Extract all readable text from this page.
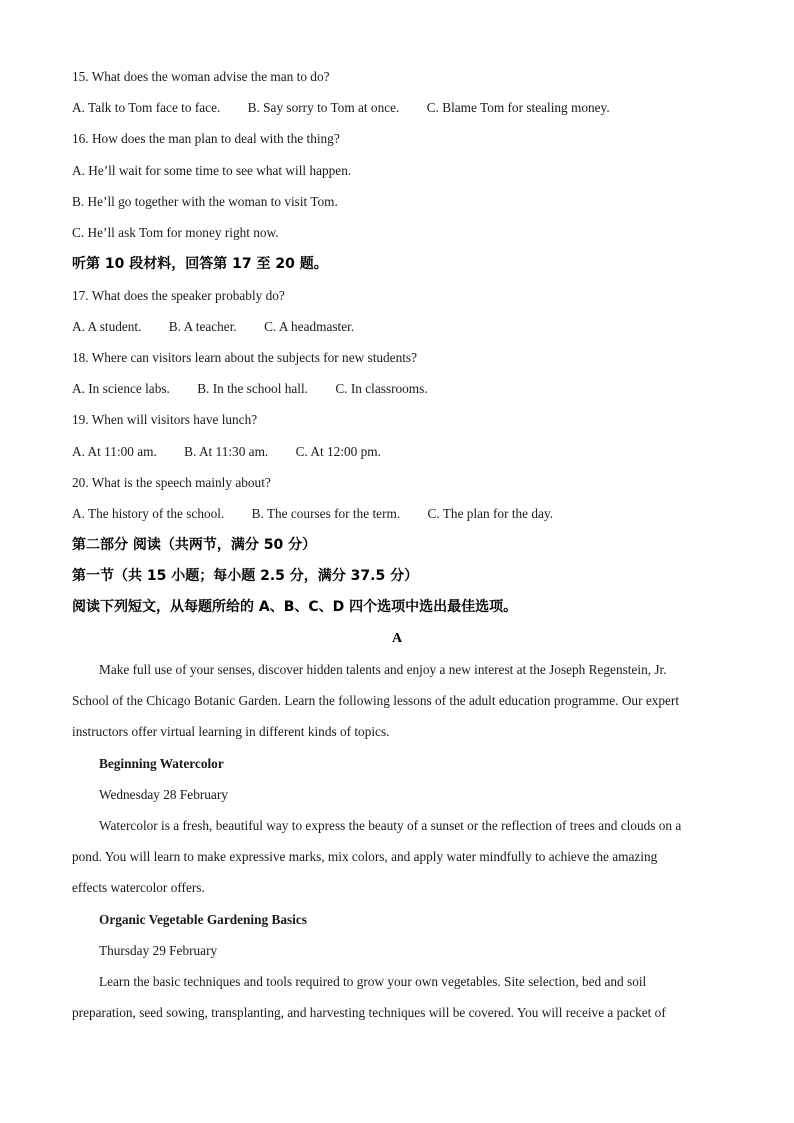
15. What does the woman advise the man to do?
A. Talk to Tom face to face. B. Say sorry to Tom at once. C. Blame Tom for stealing money.
16. How does the man plan to deal with the thing?
A. He’ll wait for some time to see what will happen.
B. He’ll go together with the woman to visit Tom.
C. He’ll ask Tom for money right now.
听第 10 段材料，回答第 17 至 20 题。
17. What does the speaker probably do?
A. A student. B. A teacher. C. A headmaster.
18. Where can visitors learn about the subjects for new students?
A. In science labs. B. In the school hall. C. In classrooms.
19. When will visitors have lunch?
A. At 11:00 am. B. At 11:30 am. C. At 12:00 pm.
20. What is the speech mainly about?
A. The history of the school. B. The courses for the term. C. The plan for the day.
第二部分 阅读（共两节，满分 50 分）
第一节（共 15 小题；每小题 2.5 分，满分 37.5 分）
阅读下列短文，从每题所给的 A、B、C、D 四个选项中选出最佳选项。
A
Make full use of your senses, discover hidden talents and enjoy a new interest at the Joseph Regenstein, Jr.
School of the Chicago Botanic Garden. Learn the following lessons of the adult education programme. Our expert
instructors offer virtual learning in different kinds of topics.
Beginning Watercolor
Wednesday 28 February
Watercolor is a fresh, beautiful way to express the beauty of a sunset or the reflection of trees and clouds on a
pond. You will learn to make expressive marks, mix colors, and apply water mindfully to achieve the amazing
effects watercolor offers.
Organic Vegetable Gardening Basics
Thursday 29 February
Learn the basic techniques and tools required to grow your own vegetables. Site selection, bed and soil
preparation, seed sowing, transplanting, and harvesting techniques will be covered. You will receive a packet of
